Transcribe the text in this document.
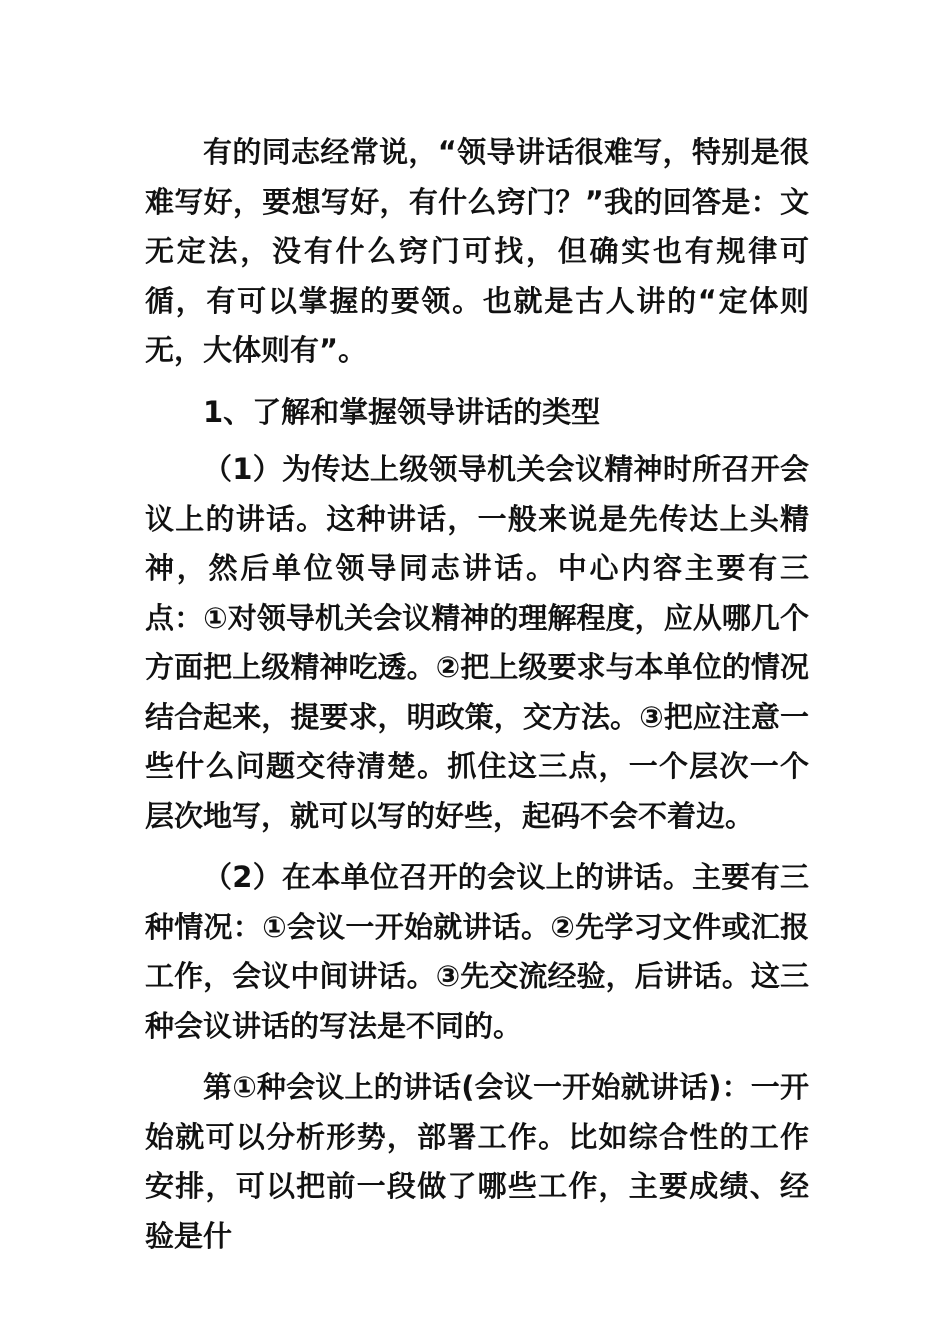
有的同志经常说，“领导讲话很难写，特别是很难写好，要想写好，有什么窍门？”我的回答是：文无定法，没有什么窍门可找，但确实也有规律可循，有可以掌握的要领。也就是古人讲的“定体则无，大体则有”。

1、了解和掌握领导讲话的类型

（1）为传达上级领导机关会议精神时所召开会议上的讲话。这种讲话，一般来说是先传达上头精神，然后单位领导同志讲话。中心内容主要有三点：①对领导机关会议精神的理解程度，应从哪几个方面把上级精神吃透。②把上级要求与本单位的情况结合起来，提要求，明政策，交方法。③把应注意一些什么问题交待清楚。抓住这三点，一个层次一个层次地写，就可以写的好些，起码不会不着边。

（2）在本单位召开的会议上的讲话。主要有三种情况：①会议一开始就讲话。②先学习文件或汇报工作，会议中间讲话。③先交流经验，后讲话。这三种会议讲话的写法是不同的。

第①种会议上的讲话(会议一开始就讲话)：一开始就可以分析形势，部署工作。比如综合性的工作安排，可以把前一段做了哪些工作，主要成绩、经验是什
